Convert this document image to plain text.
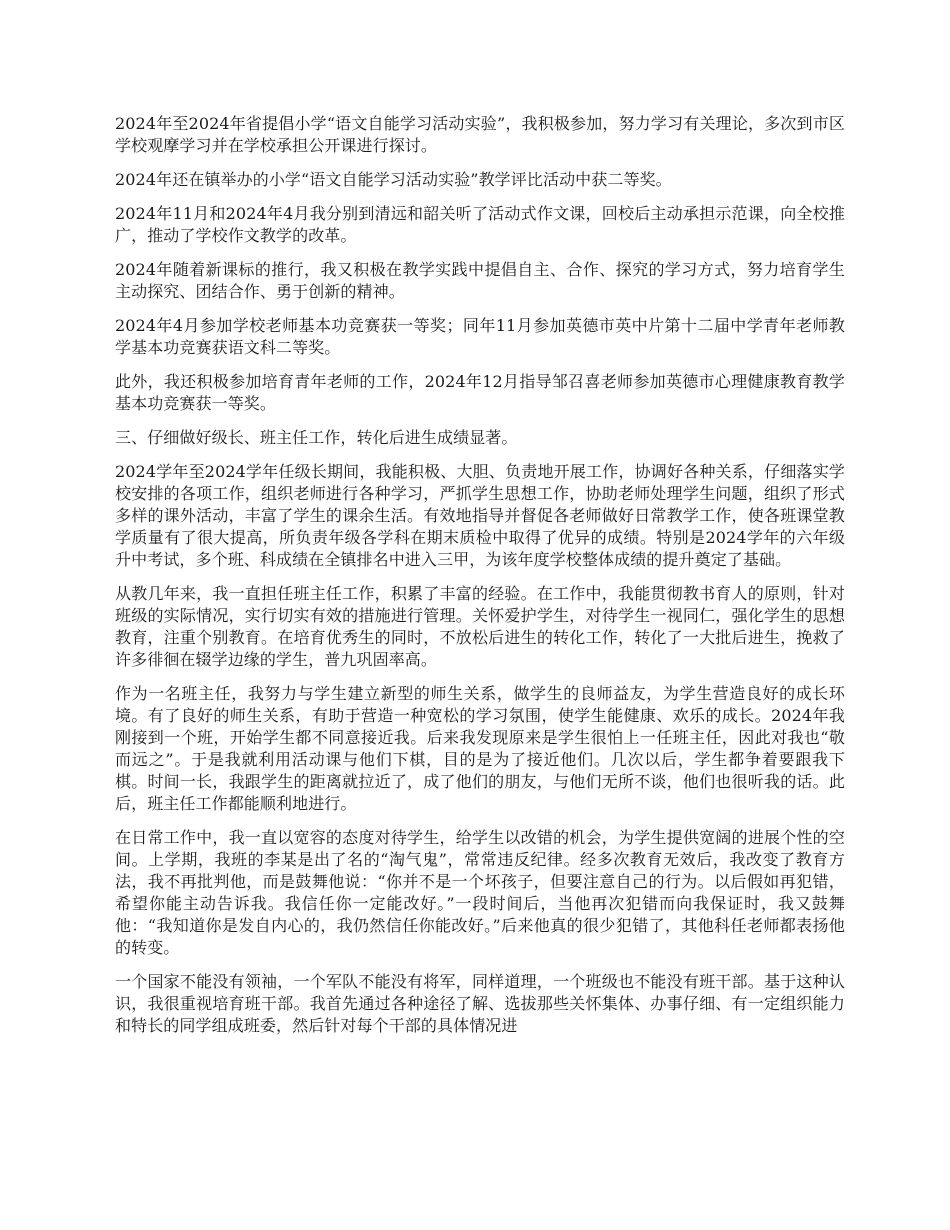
2024年至2024年省提倡小学“语文自能学习活动实验”，我积极参加，努力学习有关理论，多次到市区学校观摩学习并在学校承担公开课进行探讨。

2024年还在镇举办的小学“语文自能学习活动实验”教学评比活动中获二等奖。

2024年11月和2024年4月我分别到清远和韶关听了活动式作文课，回校后主动承担示范课，向全校推广，推动了学校作文教学的改革。

2024年随着新课标的推行，我又积极在教学实践中提倡自主、合作、探究的学习方式，努力培育学生主动探究、团结合作、勇于创新的精神。

2024年4月参加学校老师基本功竞赛获一等奖；同年11月参加英德市英中片第十二届中学青年老师教学基本功竞赛获语文科二等奖。

此外，我还积极参加培育青年老师的工作，2024年12月指导邹召喜老师参加英德市心理健康教育教学基本功竞赛获一等奖。

三、仔细做好级长、班主任工作，转化后进生成绩显著。

2024学年至2024学年任级长期间，我能积极、大胆、负责地开展工作，协调好各种关系，仔细落实学校安排的各项工作，组织老师进行各种学习，严抓学生思想工作，协助老师处理学生问题，组织了形式多样的课外活动，丰富了学生的课余生活。有效地指导并督促各老师做好日常教学工作，使各班课堂教学质量有了很大提高，所负责年级各学科在期末质检中取得了优异的成绩。特别是2024学年的六年级升中考试，多个班、科成绩在全镇排名中进入三甲，为该年度学校整体成绩的提升奠定了基础。

从教几年来，我一直担任班主任工作，积累了丰富的经验。在工作中，我能贯彻教书育人的原则，针对班级的实际情况，实行切实有效的措施进行管理。关怀爱护学生，对待学生一视同仁，强化学生的思想教育，注重个别教育。在培育优秀生的同时，不放松后进生的转化工作，转化了一大批后进生，挽救了许多徘徊在辍学边缘的学生，普九巩固率高。

作为一名班主任，我努力与学生建立新型的师生关系，做学生的良师益友，为学生营造良好的成长环境。有了良好的师生关系，有助于营造一种宽松的学习氛围，使学生能健康、欢乐的成长。2024年我刚接到一个班，开始学生都不同意接近我。后来我发现原来是学生很怕上一任班主任，因此对我也“敬而远之”。于是我就利用活动课与他们下棋，目的是为了接近他们。几次以后，学生都争着要跟我下棋。时间一长，我跟学生的距离就拉近了，成了他们的朋友，与他们无所不谈，他们也很听我的话。此后，班主任工作都能顺利地进行。

在日常工作中，我一直以宽容的态度对待学生，给学生以改错的机会，为学生提供宽阔的进展个性的空间。上学期，我班的李某是出了名的“淘气鬼”，常常违反纪律。经多次教育无效后，我改变了教育方法，我不再批判他，而是鼓舞他说：“你并不是一个坏孩子，但要注意自己的行为。以后假如再犯错，希望你能主动告诉我。我信任你一定能改好。”一段时间后，当他再次犯错而向我保证时，我又鼓舞他：“我知道你是发自内心的，我仍然信任你能改好。”后来他真的很少犯错了，其他科任老师都表扬他的转变。

一个国家不能没有领袖，一个军队不能没有将军，同样道理，一个班级也不能没有班干部。基于这种认识，我很重视培育班干部。我首先通过各种途径了解、选拔那些关怀集体、办事仔细、有一定组织能力和特长的同学组成班委，然后针对每个干部的具体情况进
